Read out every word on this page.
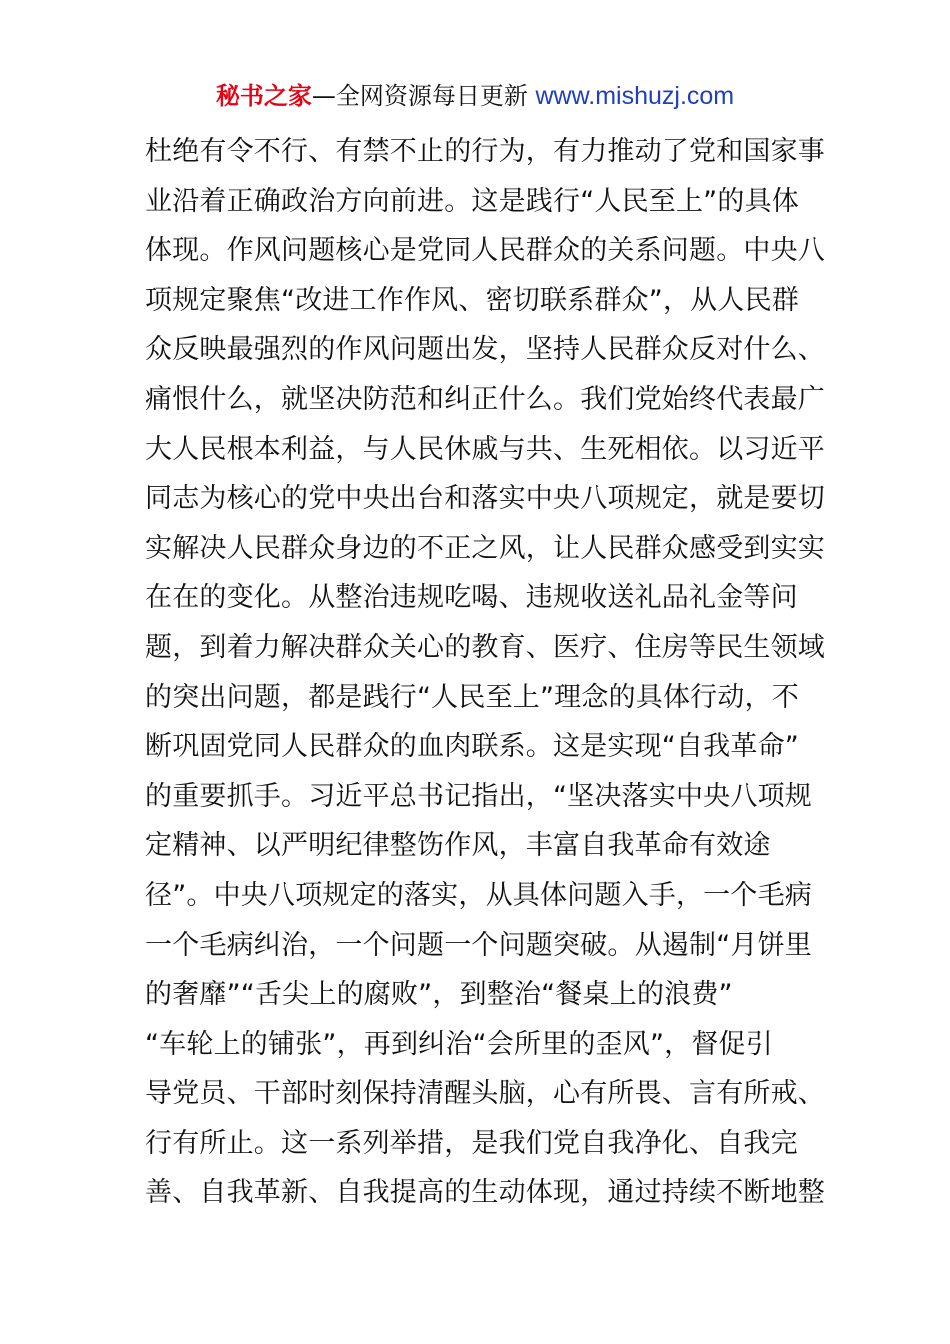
秘书之家—全网资源每日更新 www.mishuzj.com
杜绝有令不行、有禁不止的行为，有力推动了党和国家事
业沿着正确政治方向前进。这是践行“人民至上”的具体
体现。作风问题核心是党同人民群众的关系问题。中央八
项规定聚焦“改进工作作风、密切联系群众”，从人民群
众反映最强烈的作风问题出发，坚持人民群众反对什么、
痛恨什么，就坚决防范和纠正什么。我们党始终代表最广
大人民根本利益，与人民休戚与共、生死相依。以习近平
同志为核心的党中央出台和落实中央八项规定，就是要切
实解决人民群众身边的不正之风，让人民群众感受到实实
在在的变化。从整治违规吃喝、违规收送礼品礼金等问
题，到着力解决群众关心的教育、医疗、住房等民生领域
的突出问题，都是践行“人民至上”理念的具体行动，不
断巩固党同人民群众的血肉联系。这是实现“自我革命”
的重要抓手。习近平总书记指出，“坚决落实中央八项规
定精神、以严明纪律整饬作风，丰富自我革命有效途
径”。中央八项规定的落实，从具体问题入手，一个毛病
一个毛病纠治，一个问题一个问题突破。从遏制“月饼里
的奢靡”“舌尖上的腐败”，到整治“餐桌上的浪费”
“车轮上的铺张”，再到纠治“会所里的歪风”，督促引
导党员、干部时刻保持清醒头脑，心有所畏、言有所戒、
行有所止。这一系列举措，是我们党自我净化、自我完
善、自我革新、自我提高的生动体现，通过持续不断地整
